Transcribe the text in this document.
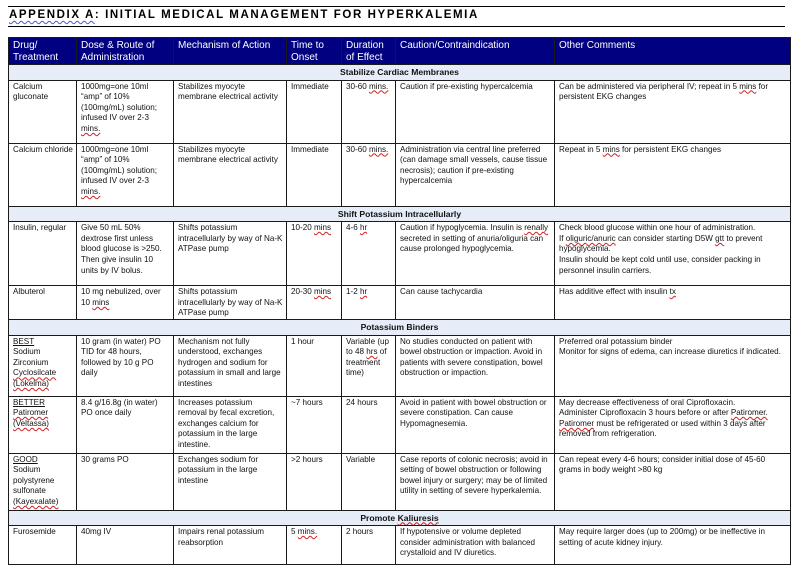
APPENDIX A: INITIAL MEDICAL MANAGEMENT FOR HYPERKALEMIA
Drug/ Treatment	Dose & Route of Administration	Mechanism of Action	Time to Onset	Duration of Effect	Caution/Contraindication	Other Comments
Stabilize Cardiac Membranes						
Calcium gluconate	1000mg=one 10ml “amp” of 10% (100mg/mL) solution; infused IV over 2-3 mins.	Stabilizes myocyte membrane electrical activity	Immediate	30-60 mins.	Caution if pre-existing hypercalcemia	Can be administered via peripheral IV; repeat in 5 mins for persistent EKG changes

Calcium chloride	1000mg=one 10ml “amp” of 10% (100mg/mL) solution; infused IV over 2-3 mins.	Stabilizes myocyte membrane electrical activity	Immediate	30-60 mins.	Administration via central line preferred (can damage small vessels, cause tissue necrosis); caution if pre-existing hypercalcemia	Repeat in 5 mins for persistent EKG changes

Shift Potassium Intracellularly						
Insulin, regular	Give 50 mL 50% dextrose first unless blood glucose is >250. Then give insulin 10 units by IV bolus.	Shifts potassium intracellularly by way of Na-K ATPase pump	10-20 mins	4-6 hr	Caution if hypoglycemia. Insulin is renally secreted in setting of anuria/oliguria can cause prolonged hypoglycemia.	Check blood glucose within one hour of administration.
If oliguric/anuric can consider starting D5W gtt to prevent hypoglycemia.
Insulin should be kept cold until use, consider packing in personnel insulin carriers.

Albuterol	10 mg nebulized, over 10 mins	Shifts potassium intracellularly by way of Na-K ATPase pump	20-30 mins	1-2 hr	Can cause tachycardia	Has additive effect with insulin tx

Potassium Binders						

BEST
Sodium Zirconium Cyclosilcate (Lokelma)	10 gram (in water) PO TID for 48 hours, followed by 10 g PO daily	Mechanism not fully understood, exchanges hydrogen and sodium for potassium in small and large intestines	1 hour	Variable (up to 48 hrs of treatment time)	No studies conducted on patient with bowel obstruction or impaction. Avoid in patients with severe constipation, bowel obstruction or impaction.	Preferred oral potassium binder
Monitor for signs of edema, can increase diuretics if indicated.

BETTER
Patiromer (Veltassa)	8.4 g/16.8g (in water) PO once daily	Increases potassium removal by fecal excretion, exchanges calcium for potassium in the large intestine.	~7 hours	24 hours	Avoid in patient with bowel obstruction or severe constipation. Can cause Hypomagnesemia.	May decrease effectiveness of oral Ciprofloxacin.
Administer Ciprofloxacin 3 hours before or after Patiromer. Patiromer must be refrigerated or used within 3 days after removed from refrigeration.

GOOD
Sodium polystyrene sulfonate (Kayexalate)	30 grams PO	Exchanges sodium for potassium in the large intestine	>2 hours	Variable	Case reports of colonic necrosis; avoid in setting of bowel obstruction or following bowel injury or surgery; may be of limited utility in setting of severe hyperkalemia.	Can repeat every 4-6 hours; consider initial dose of 45-60 grams in body weight >80 kg

Promote Kaliuresis						
Furosemide	40mg IV	Impairs renal potassium reabsorption	5 mins.	2 hours	If hypotensive or volume depleted consider administration with balanced crystalloid and IV diuretics.	May require larger does (up to 200mg) or be ineffective in setting of acute kidney injury.
